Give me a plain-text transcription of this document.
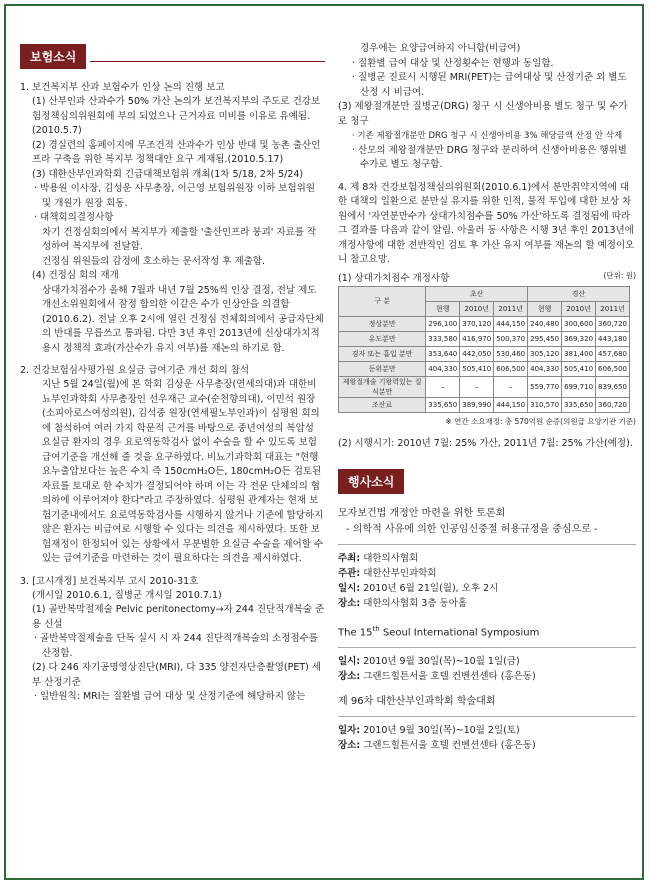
보험소식
1. 보건복지부 산과 보험수가 인상 논의 진행 보고
(1) 산부인과 산과수가 50% 가산 논의가 보건복지부의 주도로 건강보험정책심의위원회에 부의 되었으나 근거자료 미비를 이유로 유예됨. (2010.5.7)
(2) 경실련의 홈페이지에 무조건적 산과수가 인상 반대 및 농촌 출산인프라 구축을 위한 복지부 정책대안 요구 게재됨.(2010.5.17)
(3) 대한산부인과학회 긴급대책보험위 개최(1차 5/18, 2차 5/24)
· 박용원 이사장, 김성운 사무총장, 이근영 보험위원장 이하 보험위원 및 개원가 원장 회동.
· 대책회의결정사항
차기 건정심회의에서 복지부가 제출할 '출산인프라 붕괴' 자료를 작성하여 복지부에 전달함.
건정심 위원들의 감정에 호소하는 문서작성 후 제출함.
(4) 건정심 회의 재개
상대가치점수가 올해 7월과 내년 7월 25%씩 인상 결정, 전날 제도개선소위원회에서 잠정 합의한 이같은 수가 인상안을 의결함(2010.6.2). 전날 오후 2시에 열린 건정심 전체회의에서 공급자단체의 반대를 무릅쓰고 통과됨. 다만 3년 후인 2013년에 신상대가치적용시 정책적 효과(가산수가 유지 여부)를 재논의 하기로 함.
2. 건강보험심사평가원 요실금 급여기준 개선 회의 참석
지난 5월 24일(월)에 본 학회 김상운 사무총장(연세의대)과 대한비뇨부인과학회 사무총장인 선우재근 교수(순천향의대), 이민석 원장(소피아로스여성의원), 김석중 원장(연세필노부인과)이 심평원 회의에 참석하여 여러 가지 학문적 근거를 바탕으로 중년여성의 복압성 요실금 환자의 경우 요로역동학검사 없이 수술을 할 수 있도록 보험급여기준을 개선해 줄 것을 요구하였다. 비뇨기과학회 대표는 "현행 요누출압보다는 높은 수치 즉 150cmH₂O든, 180cmH₂O든 검토된 자료를 토대로 한 수치가 결정되어야 하며 이는 각 전문 단체의의 협의하에 이루어져야 한다"라고 주장하였다. 심평원 관계자는 현재 보험기준내에서도 요로역동학검사를 시행하지 않거나 기준에 합당하지 않은 환자는 비급여로 시행할 수 있다는 의견을 제시하였다. 또한 보험재정이 한정되어 있는 상황에서 무분별한 요실금 수술을 제어할 수 있는 급여기준을 마련하는 것이 필요하다는 의견을 제시하였다.
3. [고시개정] 보건복지부 고시 2010-31호
(개시일 2010.6.1, 질병군 개시일 2010.7.1)
(1) 골반복막절제술 Pelvic peritonectomy→자 244 진단적개복술 준용 신설
· 골반복막절제술을 단독 실시 시 자 244 진단적개복술의 소정점수를 산정함.
(2) 다 246 자기공명영상진단(MRI), 다 335 양전자단층촬영(PET) 세부 산정기준
· 일반원칙: MRI는 질환별 급여 대상 및 산정기준에 해당하지 않는
경우에는 요양급여하지 아니함(비급여)
· 질환별 급여 대상 및 산정횟수는 현행과 동일함.
· 질병군 진료시 시행된 MRI(PET)는 급여대상 및 산정기준 외 별도 산정 시 비급여.
(3) 제왕절개분만 질병군(DRG) 청구 시 신생아비용 별도 청구 및 수가로 청구
· 기존 제왕절개분만 DRG 청구 시 신생아비용 3% 해당금액 산정 안 삭제
· 산모의 제왕절개분만 DRG 청구와 분리하여 신생아비용은 행위별 수가로 별도 청구함.
4. 제 8차 건강보험정책심의위원회(2010.6.1)에서 분만취약지역에 대한 대책의 일환으로 분만실 유지를 위한 인적, 물적 투입에 대한 보상 차원에서 '자연분만수가 상대가치점수를 50% 가산'하도록 결정됨에 따라 그 결과를 다음과 같이 알림. 아울러 동 사항은 시행 3년 후인 2013년에 개정사항에 대한 전반적인 검토 후 가산 유지 여부를 재논의 할 예정이오니 참고요망.
(1) 상대가치점수 개정사항	(단위: 원)
구 분	초산			경산		
	현행	2010년	2011년	현행	2010년	2011년
정상분만	296,100	370,120	444,150	240,480	300,600	360,720
유도분만	333,580	416,970	500,370	295,450	369,320	443,180
겸자 또는 흡입 분만	353,640	442,050	530,460	305,120	381,400	457,680
둔위분만	404,330	505,410	606,500	404,330	505,410	606,500
제왕절개술 기왕력있는 질식분만	–	–	–	559,770	699,710	839,650
조산료	335,650	389,990	444,150	310,570	335,650	360,720
※ 연간 소요재정: 총 570억원 순증(의원급 요양기관 기준)
(2) 시행시기: 2010년 7월: 25% 가산, 2011년 7월: 25% 가산(예정).
행사소식
모자보건법 개정안 마련을 위한 토론회
- 의학적 사유에 의한 인공임신중절 허용규정을 중심으로 -
주최: 대한의사협회
주관: 대한산부인과학회
일시: 2010년 6월 21일(월), 오후 2시
장소: 대한의사협회 3층 동아홀
The 15th Seoul International Symposium
일시: 2010년 9월 30일(목)~10월 1일(금)
장소: 그랜드힐튼서울 호텔 컨벤션센타 (홍은동)
제 96차 대한산부인과학회 학술대회
일자: 2010년 9월 30일(목)~10월 2일(토)
장소: 그랜드힐튼서울 호텔 컨벤션센타 (홍은동)
